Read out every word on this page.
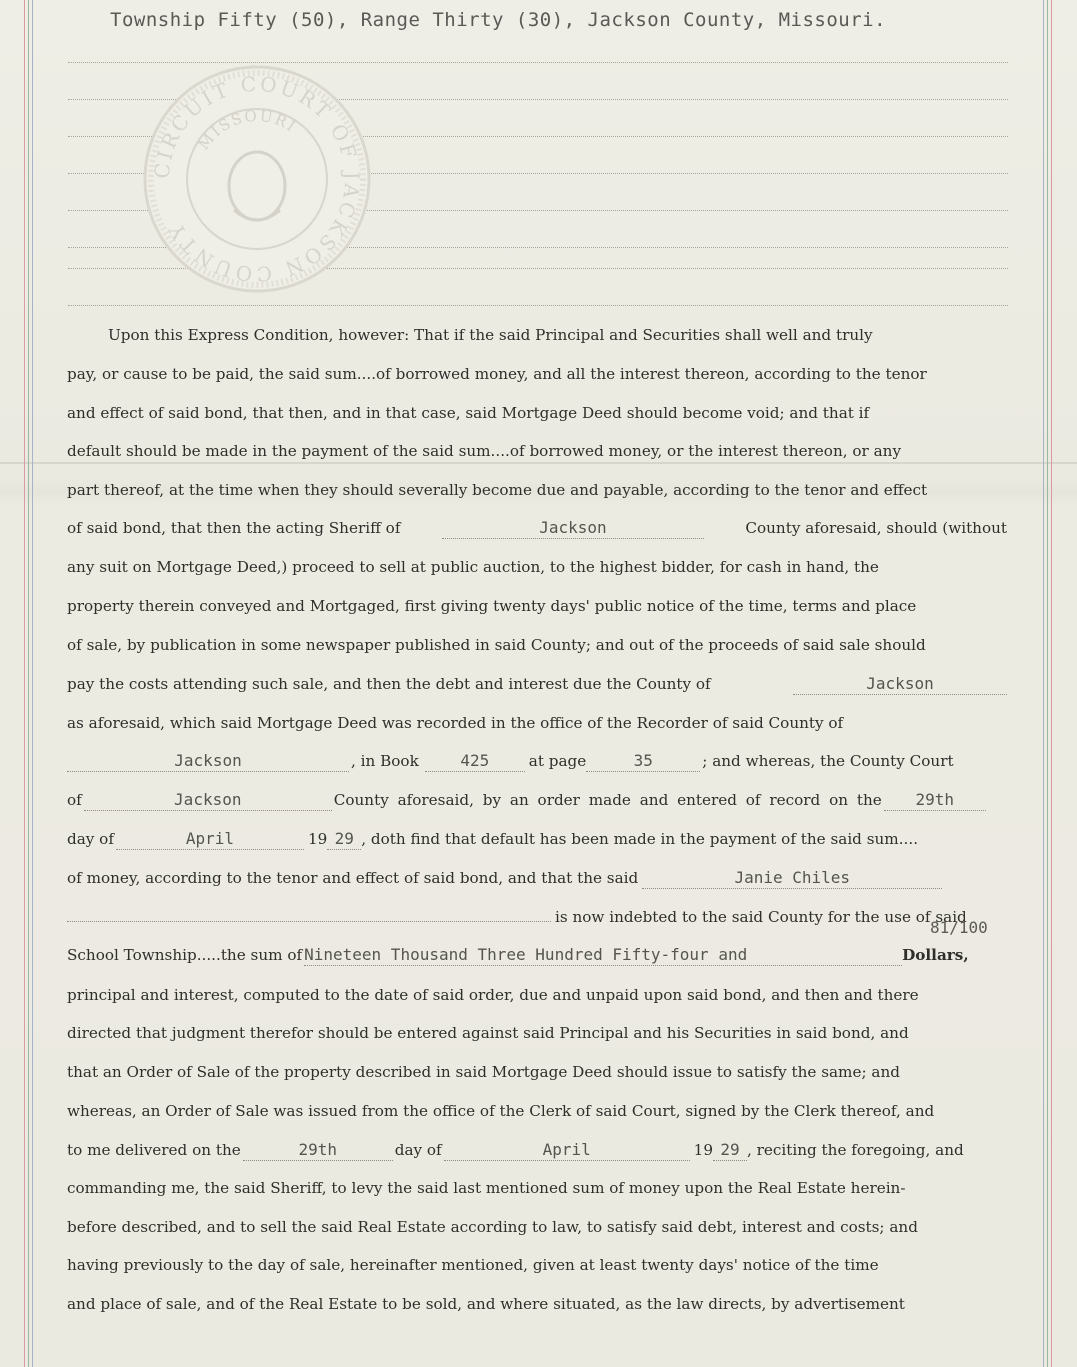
Township Fifty (50), Range Thirty (30), Jackson County, Missouri.
CIRCUIT COURT OF JACKSON COUNTY
MISSOURI
Upon this Express Condition, however: That if the said Principal and Securities shall well and truly
pay, or cause to be paid, the said sum....of borrowed money, and all the interest thereon, according to the tenor
and effect of said bond, that then, and in that case, said Mortgage Deed should become void; and that if
default should be made in the payment of the said sum....of borrowed money, or the interest thereon, or any
part thereof, at the time when they should severally become due and payable, according to the tenor and effect
of said bond, that then the acting Sheriff of	Jackson	County aforesaid, should (without
any suit on Mortgage Deed,) proceed to sell at public auction, to the highest bidder, for cash in hand, the
property therein conveyed and Mortgaged, first giving twenty days' public notice of the time, terms and place
of sale, by publication in some newspaper published in said County; and out of the proceeds of said sale should
pay the costs attending such sale, and then the debt and interest due the County of	Jackson
as aforesaid, which said Mortgage Deed was recorded in the office of the Recorder of said County of
Jackson	, in Book	425	at page	35	; and whereas, the County Court
of	Jackson	County aforesaid, by an order made and entered of record on the	29th
day of	April	19 29 , doth find that default has been made in the payment of the said sum....
of money, according to the tenor and effect of said bond, and that the said	Janie Chiles
is now indebted to the said County for the use of said
81/100
School Township.....the sum of Nineteen Thousand Three Hundred Fifty-four and	Dollars,
principal and interest, computed to the date of said order, due and unpaid upon said bond, and then and there
directed that judgment therefor should be entered against said Principal and his Securities in said bond, and
that an Order of Sale of the property described in said Mortgage Deed should issue to satisfy the same; and
whereas, an Order of Sale was issued from the office of the Clerk of said Court, signed by the Clerk thereof, and
to me delivered on the	29th	day of	April	19 29 , reciting the foregoing, and
commanding me, the said Sheriff, to levy the said last mentioned sum of money upon the Real Estate herein-
before described, and to sell the said Real Estate according to law, to satisfy said debt, interest and costs; and
having previously to the day of sale, hereinafter mentioned, given at least twenty days' notice of the time
and place of sale, and of the Real Estate to be sold, and where situated, as the law directs, by advertisement
